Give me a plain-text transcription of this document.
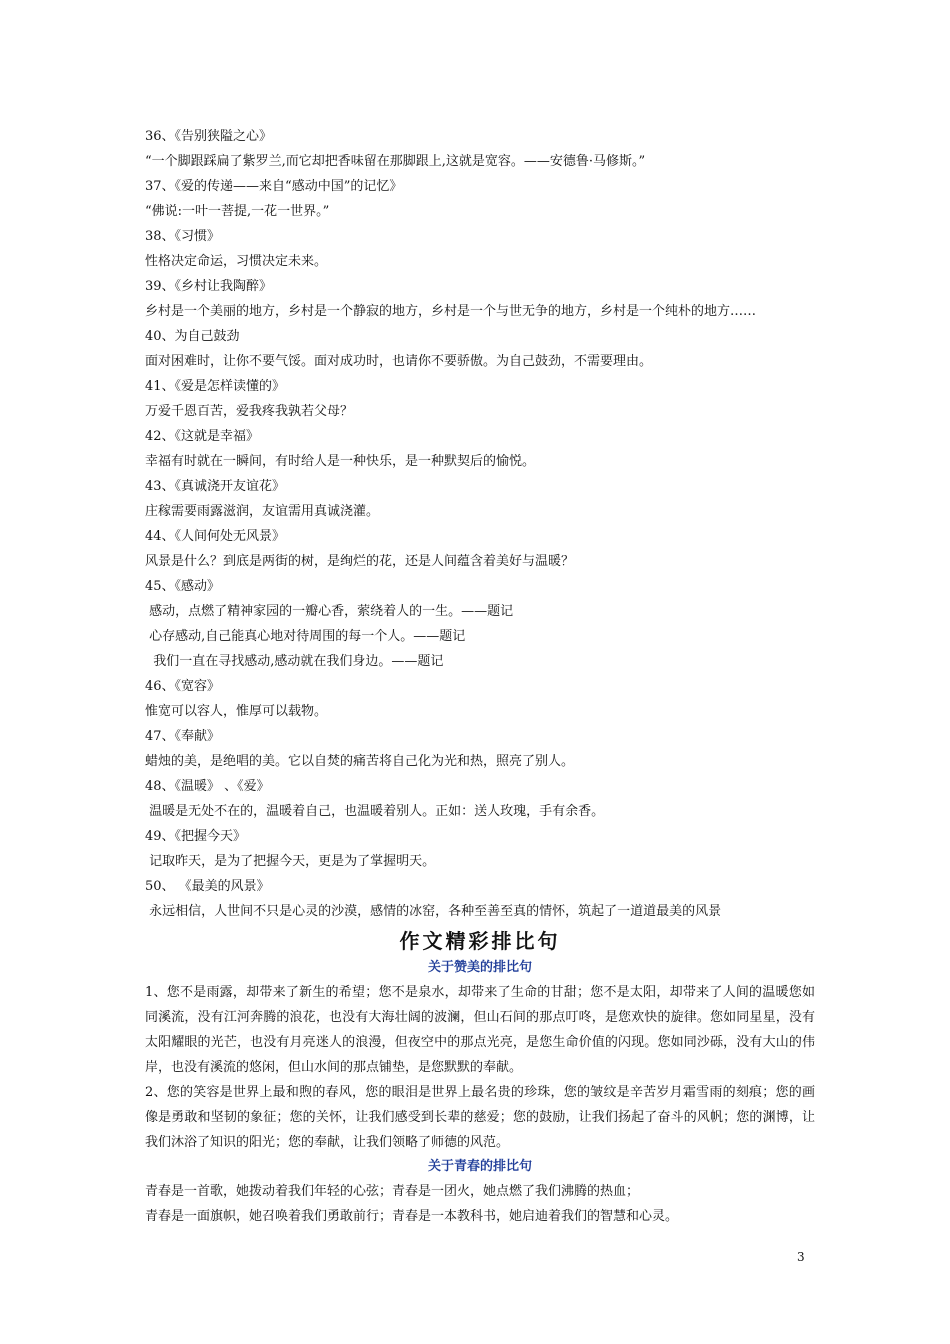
36、《告别狭隘之心》
“一个脚跟踩扁了紫罗兰,而它却把香味留在那脚跟上,这就是宽容。——安德鲁·马修斯。”
37、《爱的传递——来自“感动中国”的记忆》
“佛说:一叶一菩提,一花一世界。”
38、《习惯》
性格决定命运，习惯决定未来。
39、《乡村让我陶醉》
乡村是一个美丽的地方，乡村是一个静寂的地方，乡村是一个与世无争的地方，乡村是一个纯朴的地方……
40、为自己鼓劲
面对困难时，让你不要气馁。面对成功时，也请你不要骄傲。为自己鼓劲，不需要理由。
41、《爱是怎样读懂的》
万爱千恩百苦，爱我疼我孰若父母？
42、《这就是幸福》
幸福有时就在一瞬间，有时给人是一种快乐，是一种默契后的愉悦。
43、《真诚浇开友谊花》
庄稼需要雨露滋润，友谊需用真诚浇灌。
44、《人间何处无风景》
风景是什么？到底是两街的树，是绚烂的花，还是人间蕴含着美好与温暖？
45、《感动》
感动，点燃了精神家园的一瓣心香，萦绕着人的一生。——题记
心存感动,自己能真心地对待周围的每一个人。——题记
我们一直在寻找感动,感动就在我们身边。——题记
46、《宽容》
惟宽可以容人，惟厚可以载物。
47、《奉献》
蜡烛的美，是绝唱的美。它以自焚的痛苦将自己化为光和热，照亮了别人。
48、《温暖》 、《爱》
温暖是无处不在的，温暖着自己，也温暖着别人。正如：送人玫瑰，手有余香。
49、《把握今天》
记取昨天，是为了把握今天，更是为了掌握明天。
50、 《最美的风景》
永远相信，人世间不只是心灵的沙漠，感情的冰窑，各种至善至真的情怀，筑起了一道道最美的风景
作文精彩排比句
关于赞美的排比句
1、您不是雨露，却带来了新生的希望；您不是泉水，却带来了生命的甘甜；您不是太阳，却带来了人间的温暖您如同溪流，没有江河奔腾的浪花，也没有大海壮阔的波澜，但山石间的那点叮咚，是您欢快的旋律。您如同星星，没有太阳耀眼的光芒，也没有月亮迷人的浪漫，但夜空中的那点光亮，是您生命价值的闪现。您如同沙砾，没有大山的伟岸，也没有溪流的悠闲，但山水间的那点铺垫，是您默默的奉献。
2、您的笑容是世界上最和煦的春风，您的眼泪是世界上最名贵的珍珠，您的皱纹是辛苦岁月霜雪雨的刻痕；您的画像是勇敢和坚韧的象征；您的关怀，让我们感受到长辈的慈爱；您的鼓励，让我们扬起了奋斗的风帆；您的渊博，让我们沐浴了知识的阳光；您的奉献，让我们领略了师德的风范。
关于青春的排比句
青春是一首歌，她拨动着我们年轻的心弦；青春是一团火，她点燃了我们沸腾的热血；
青春是一面旗帜，她召唤着我们勇敢前行；青春是一本教科书，她启迪着我们的智慧和心灵。
3
